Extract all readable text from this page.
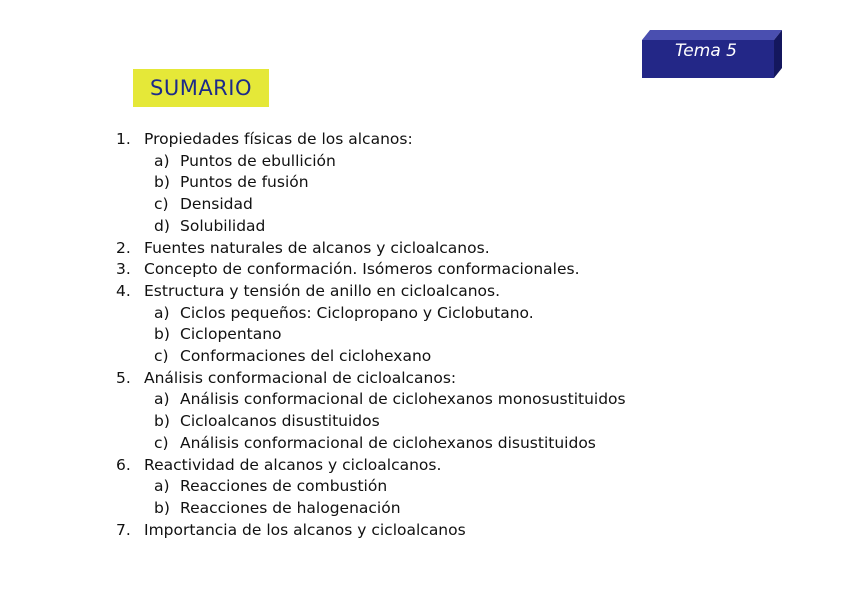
Tema 5
SUMARIO
1. Propiedades físicas de los alcanos:
a) Puntos de ebullición
b) Puntos de fusión
c) Densidad
d) Solubilidad
2. Fuentes naturales de alcanos y cicloalcanos.
3. Concepto de conformación. Isómeros conformacionales.
4. Estructura y tensión de anillo en cicloalcanos.
a) Ciclos pequeños: Ciclopropano y Ciclobutano.
b) Ciclopentano
c) Conformaciones del ciclohexano
5. Análisis conformacional de cicloalcanos:
a) Análisis conformacional de ciclohexanos monosustituidos
b) Cicloalcanos disustituidos
c) Análisis conformacional de ciclohexanos disustituidos
6. Reactividad de alcanos y cicloalcanos.
a) Reacciones de combustión
b) Reacciones de halogenación
7. Importancia de los alcanos y cicloalcanos
